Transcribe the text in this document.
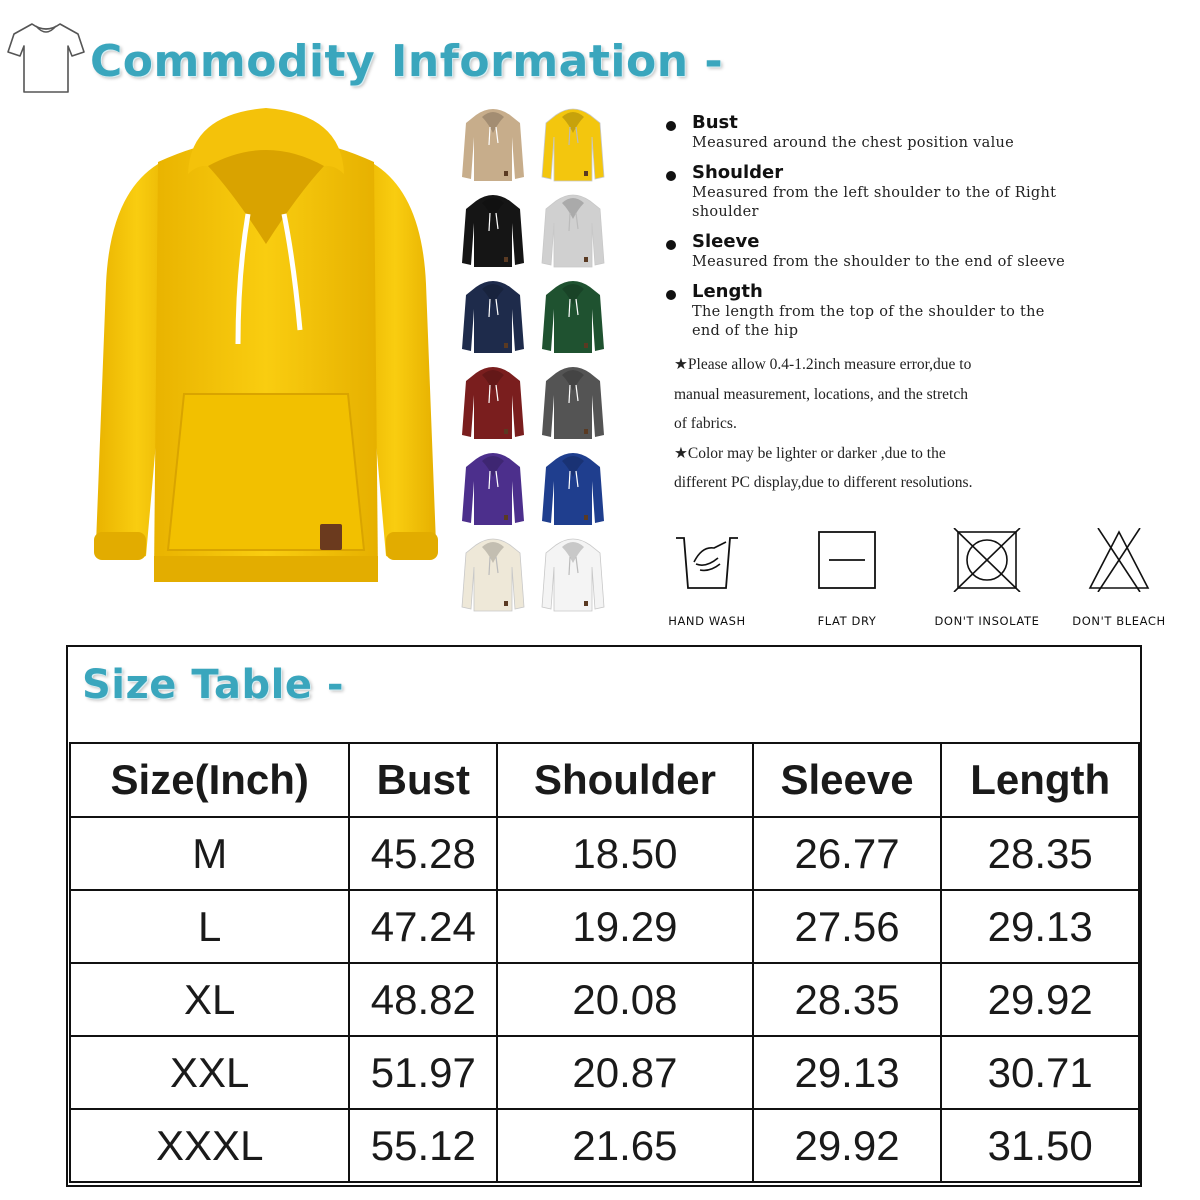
Commodity Information -
Bust
Measured around the chest position value
Shoulder
Measured from the left shoulder to the of Right shoulder
Sleeve
Measured from the shoulder to the end of sleeve
Length
The length from the top of the shoulder to the end of the hip
★Please allow 0.4-1.2inch measure error,due to
manual measurement, locations, and the stretch
of fabrics.
★Color may be lighter or darker ,due to the
different PC display,due to different resolutions.
HAND WASH	FLAT DRY	DON'T INSOLATE	DON'T BLEACH
Size Table -
Size(Inch)	Bust	Shoulder	Sleeve	Length
M	45.28	18.50	26.77	28.35
L	47.24	19.29	27.56	29.13
XL	48.82	20.08	28.35	29.92
XXL	51.97	20.87	29.13	30.71
XXXL	55.12	21.65	29.92	31.50
